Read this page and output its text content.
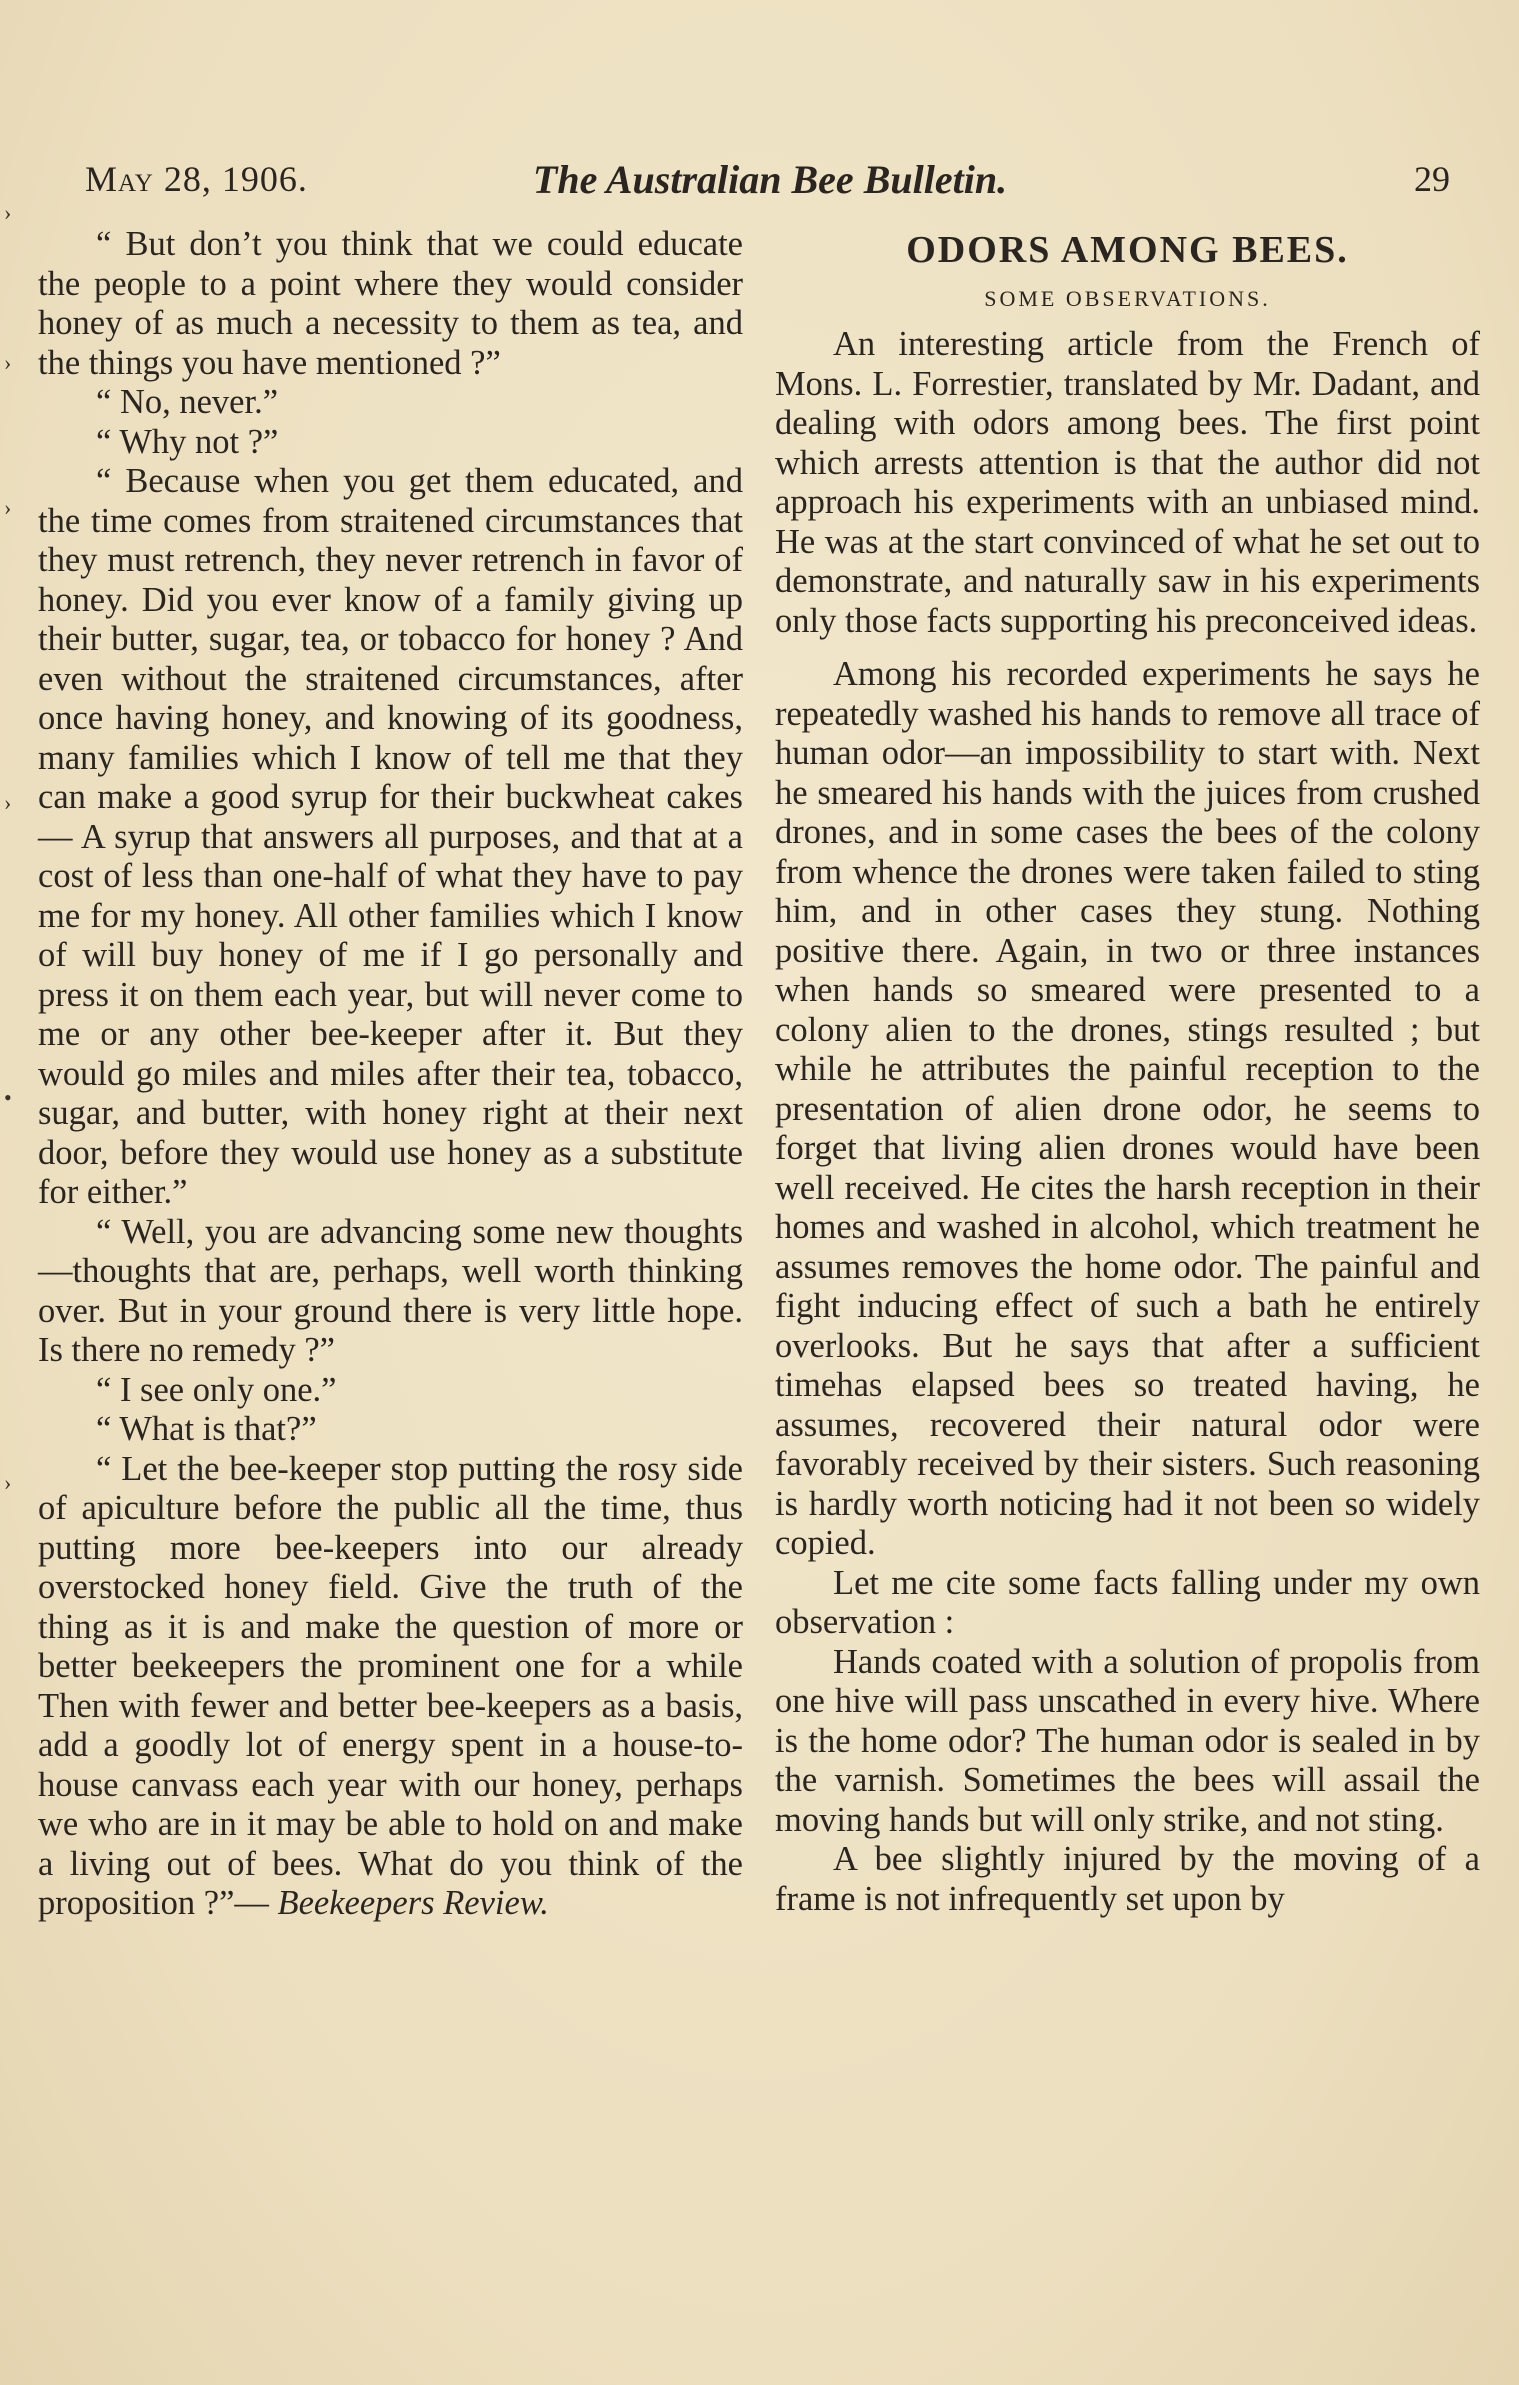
›
›
›
›
•
›
May 28, 1906.	The Australian Bee Bulletin.	29

“ But don’t you think that we could educate the people to a point where they would consider honey of as much a necessity to them as tea, and the things you have mentioned ?”

“ No, never.”

“ Why not ?”

“ Because when you get them educated, and the time comes from straitened circumstances that they must retrench, they never retrench in favor of honey. Did you ever know of a family giving up their butter, sugar, tea, or tobacco for honey ? And even without the straitened circumstances, after once having honey, and knowing of its goodness, many families which I know of tell me that they can make a good syrup for their buckwheat cakes — A syrup that answers all purposes, and that at a cost of less than one-half of what they have to pay me for my honey. All other families which I know of will buy honey of me if I go personally and press it on them each year, but will never come to me or any other bee-keeper after it. But they would go miles and miles after their tea, tobacco, sugar, and butter, with honey right at their next door, before they would use honey as a substitute for either.”

“ Well, you are advancing some new thoughts—thoughts that are, perhaps, well worth thinking over. But in your ground there is very little hope. Is there no remedy ?”

“ I see only one.”

“ What is that?”

“ Let the bee-keeper stop putting the rosy side of apiculture before the public all the time, thus putting more bee-keepers into our already overstocked honey field. Give the truth of the thing as it is and make the question of more or better beekeepers the prominent one for a while Then with fewer and better bee-keepers as a basis, add a goodly lot of energy spent in a house-to-house canvass each year with our honey, perhaps we who are in it may be able to hold on and make a living out of bees. What do you think of the proposition ?”— Beekeepers Review.

ODORS AMONG BEES.
SOME OBSERVATIONS.

An interesting article from the French of Mons. L. Forrestier, translated by Mr. Dadant, and dealing with odors among bees. The first point which arrests attention is that the author did not approach his experiments with an unbiased mind. He was at the start convinced of what he set out to demonstrate, and naturally saw in his experiments only those facts supporting his preconceived ideas.

Among his recorded experiments he says he repeatedly washed his hands to remove all trace of human odor—an impossibility to start with. Next he smeared his hands with the juices from crushed drones, and in some cases the bees of the colony from whence the drones were taken failed to sting him, and in other cases they stung. Nothing positive there. Again, in two or three instances when hands so smeared were presented to a colony alien to the drones, stings resulted ; but while he attributes the painful reception to the presentation of alien drone odor, he seems to forget that living alien drones would have been well received. He cites the harsh reception in their homes and washed in alcohol, which treatment he assumes removes the home odor. The painful and fight inducing effect of such a bath he entirely overlooks. But he says that after a sufficient timehas elapsed bees so treated having, he assumes, recovered their natural odor were favorably received by their sisters. Such reasoning is hardly worth noticing had it not been so widely copied.

Let me cite some facts falling under my own observation :

Hands coated with a solution of propolis from one hive will pass unscathed in every hive. Where is the home odor? The human odor is sealed in by the varnish. Sometimes the bees will assail the moving hands but will only strike, and not sting.

A bee slightly injured by the moving of a frame is not infrequently set upon by
